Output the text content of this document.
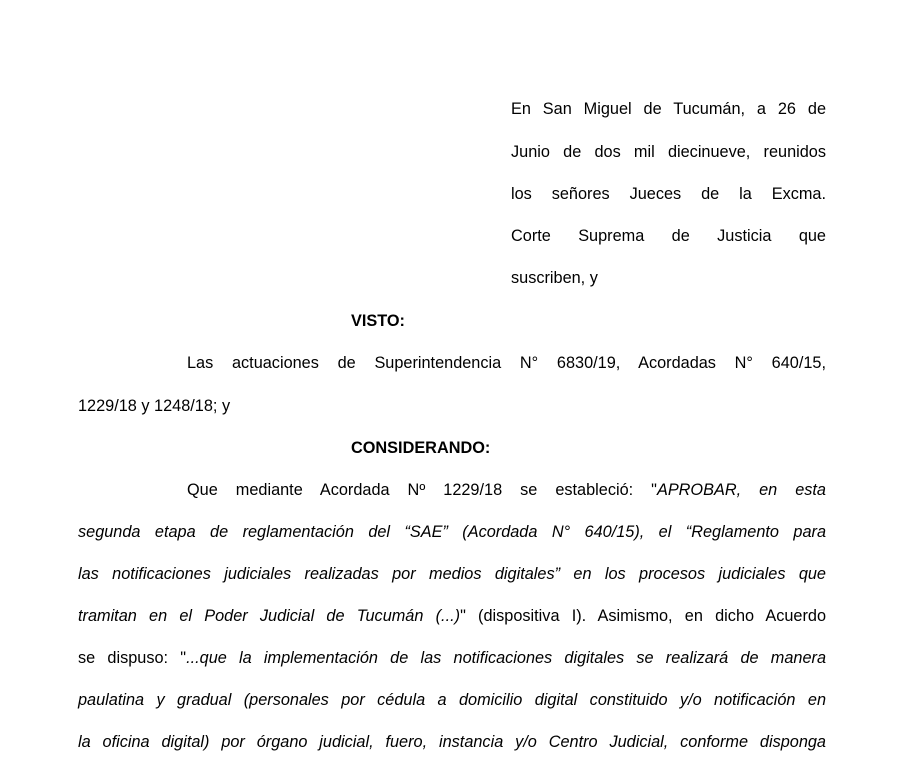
En San Miguel de Tucumán, a 26 de
Junio de dos mil diecinueve, reunidos
los señores Jueces de la Excma.
Corte Suprema de Justicia que
suscriben, y
VISTO:
Las actuaciones de Superintendencia N° 6830/19, Acordadas N° 640/15,
1229/18 y 1248/18; y
CONSIDERANDO:
Que mediante Acordada Nº 1229/18 se estableció: "APROBAR, en esta
segunda etapa de reglamentación del “SAE” (Acordada N° 640/15), el “Reglamento para
las notificaciones judiciales realizadas por medios digitales” en los procesos judiciales que
tramitan en el Poder Judicial de Tucumán (...)" (dispositiva I). Asimismo, en dicho Acuerdo
se dispuso: "...que la implementación de las notificaciones digitales se realizará de manera
paulatina y gradual (personales por cédula a domicilio digital constituido y/o notificación en
la oficina digital) por órgano judicial, fuero, instancia y/o Centro Judicial, conforme disponga
